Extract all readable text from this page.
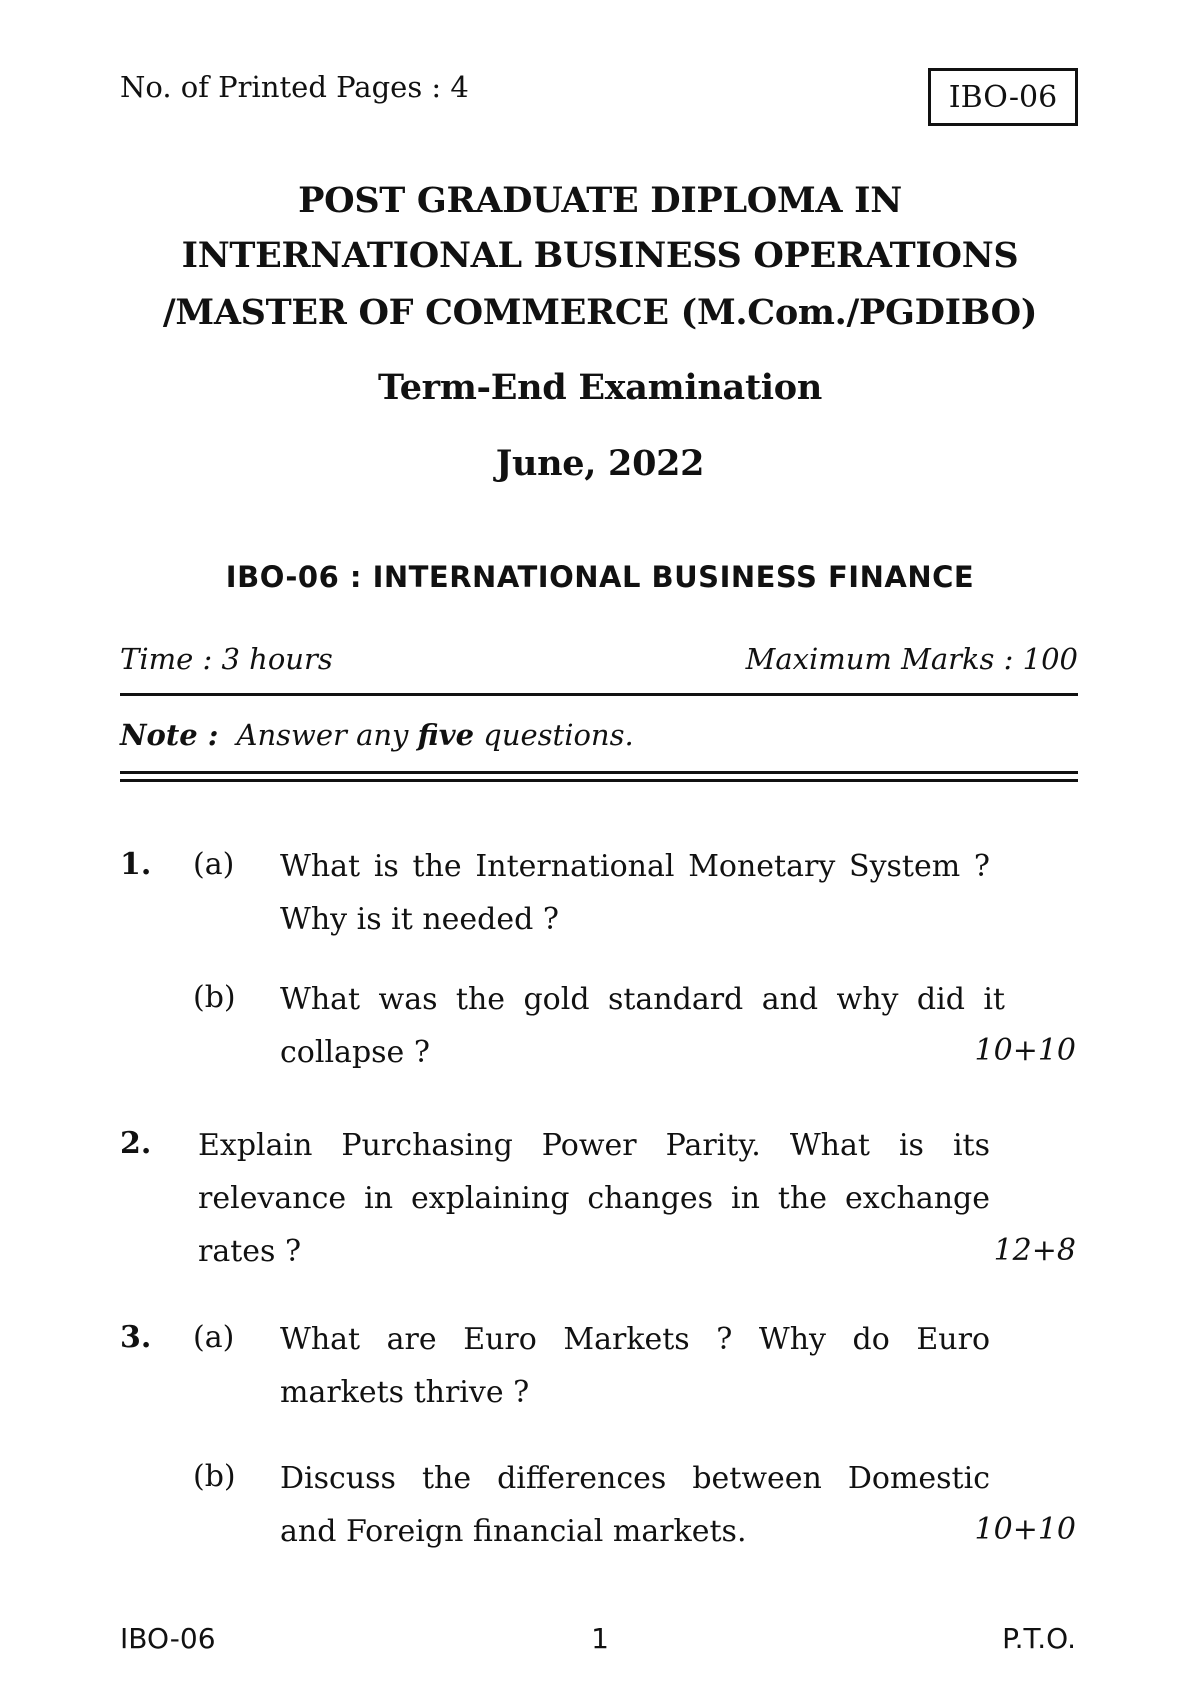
No. of Printed Pages : 4	IBO-06
POST GRADUATE DIPLOMA IN
INTERNATIONAL BUSINESS OPERATIONS
/MASTER OF COMMERCE (M.Com./PGDIBO)
Term-End Examination
June, 2022
IBO-06 : INTERNATIONAL BUSINESS FINANCE
Time : 3 hours	Maximum Marks : 100
Note : Answer any five questions.
1. (a) What is the International Monetary System ? Why is it needed ?
(b) What was the gold standard and why did it collapse ?	10+10
2. Explain Purchasing Power Parity. What is its relevance in explaining changes in the exchange rates ?	12+8
3. (a) What are Euro Markets ? Why do Euro markets thrive ?
(b) Discuss the differences between Domestic and Foreign financial markets.	10+10
IBO-06	1	P.T.O.
